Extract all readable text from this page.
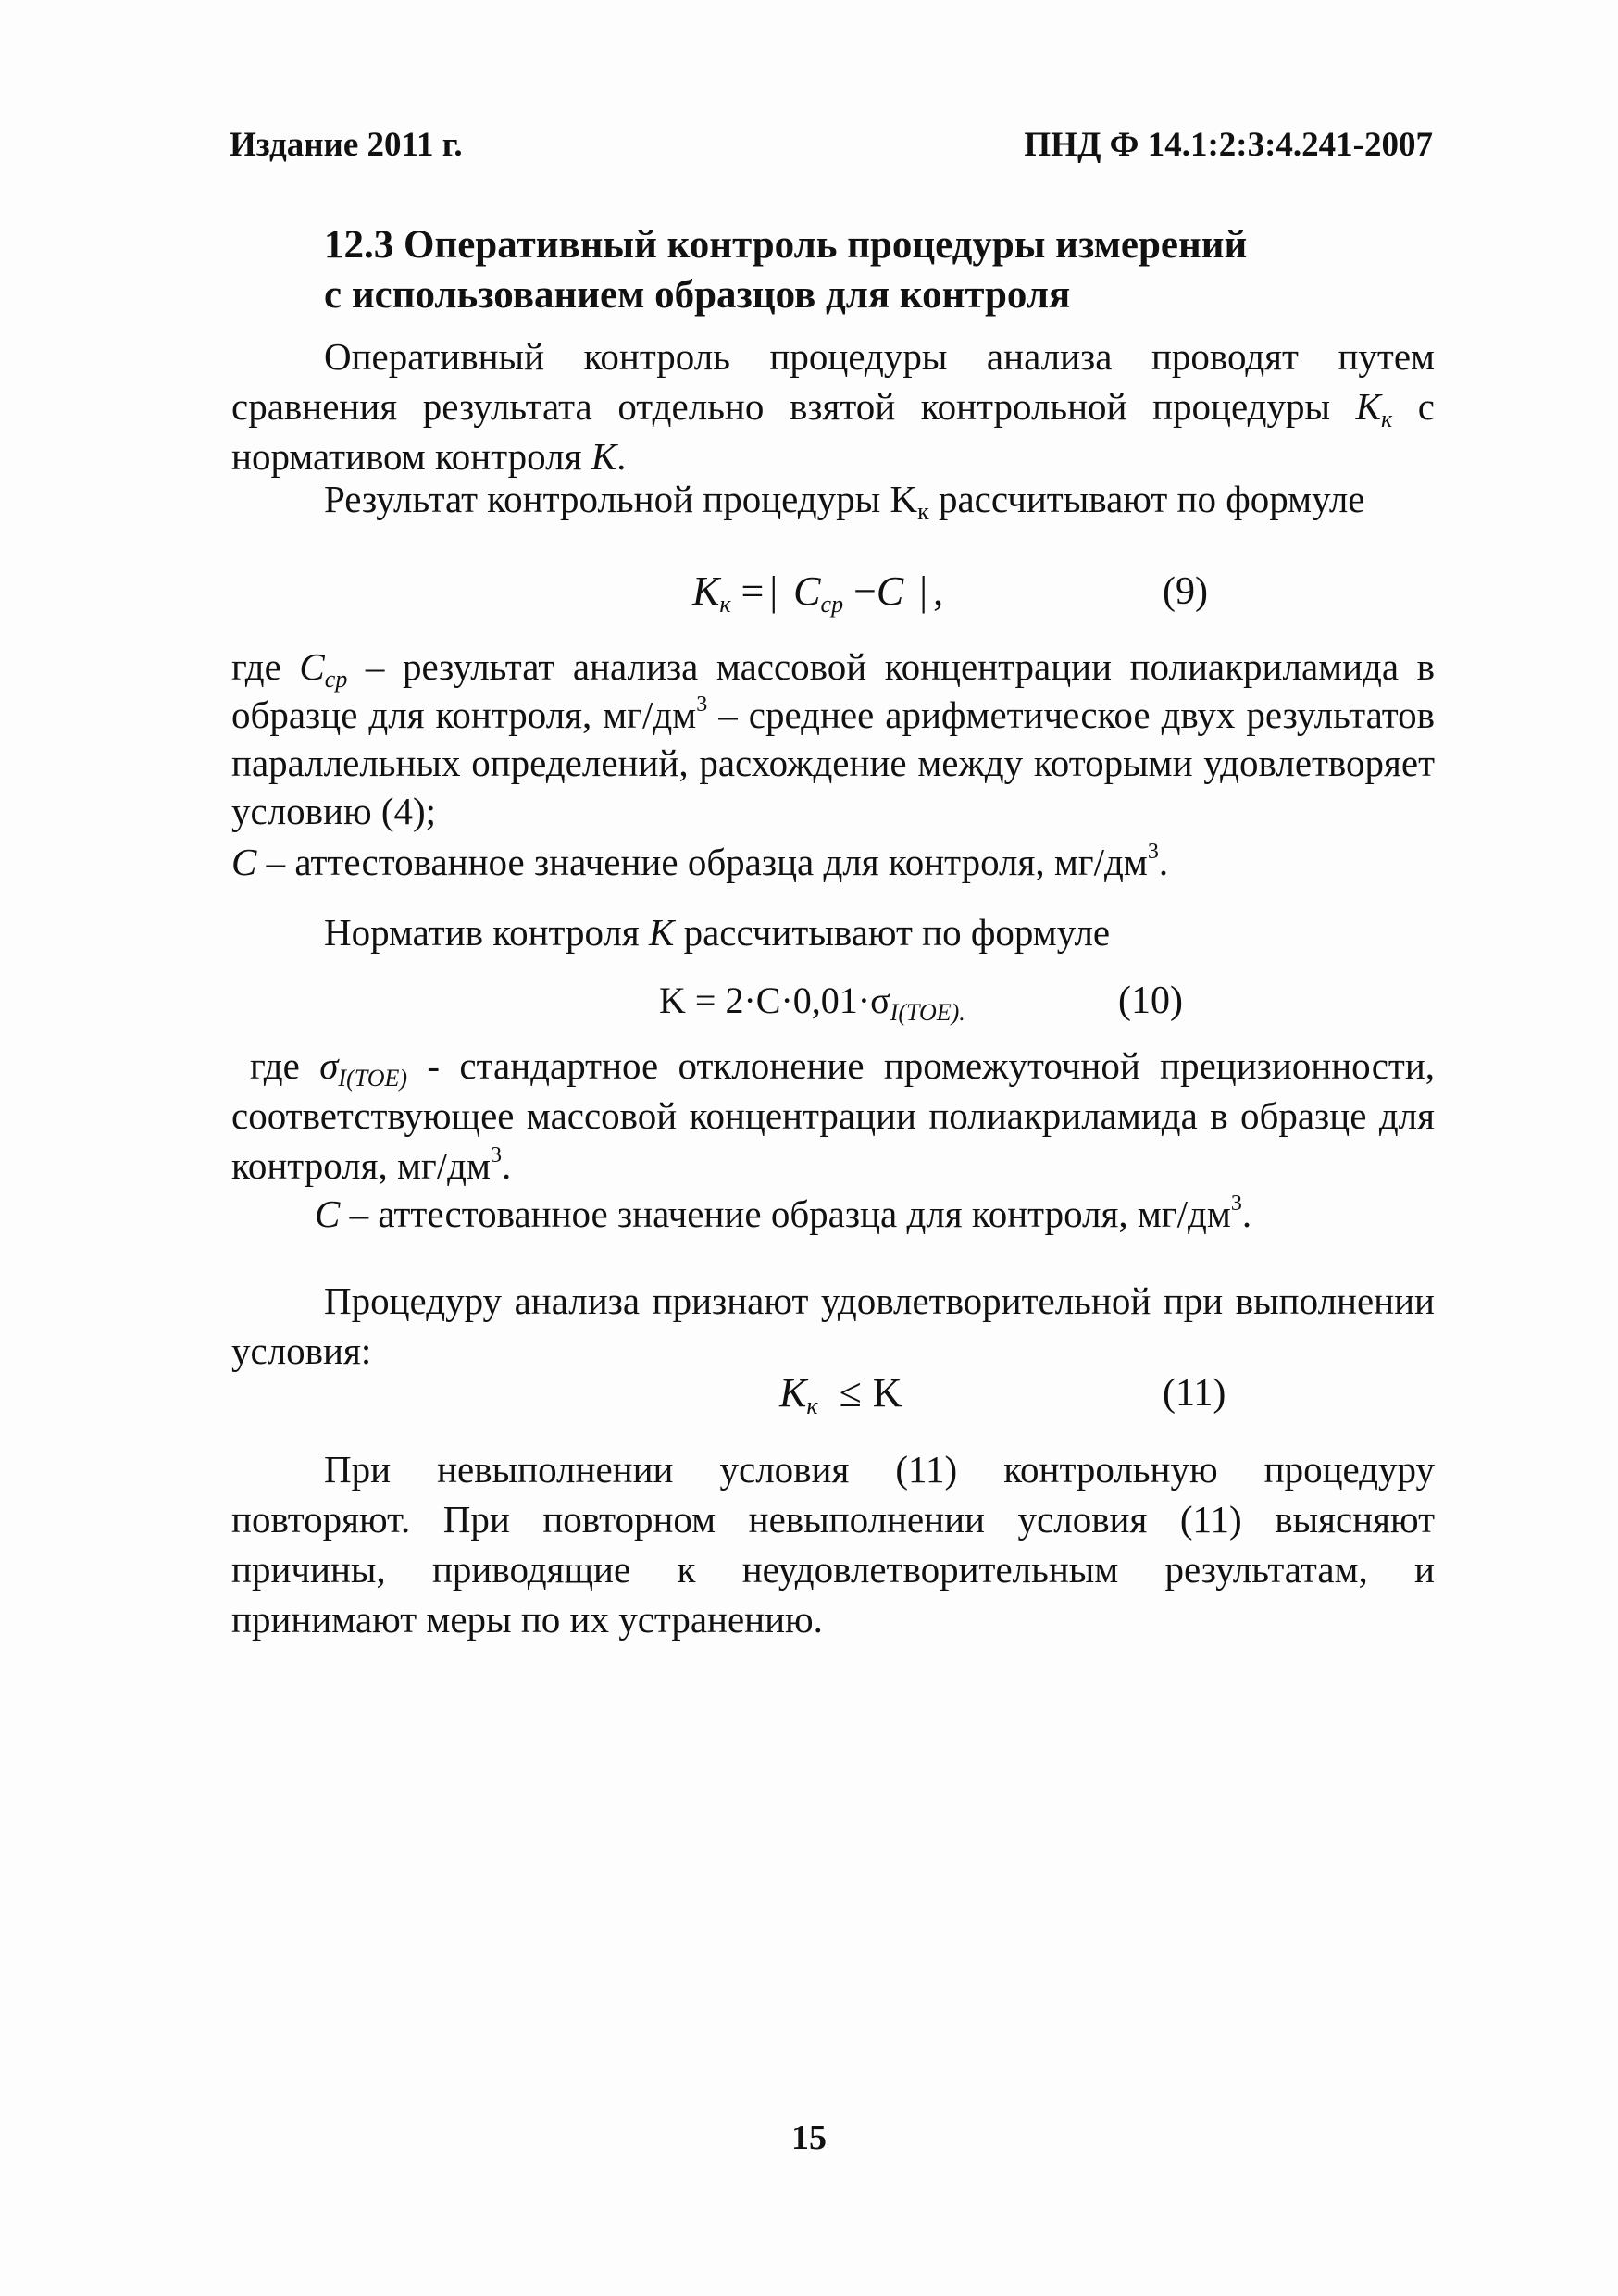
Издание 2011 г.	ПНД Ф 14.1:2:3:4.241-2007
12.3 Оперативный контроль процедуры измерений
с использованием образцов для контроля
Оперативный контроль процедуры анализа проводят путем сравнения результата отдельно взятой контрольной процедуры $K_к$ с нормативом контроля K.
Результат контрольной процедуры $K_к$ рассчитывают по формуле
$K_к$ = | $C_{ср} -C$ | ,	(9)
где $C_{ср}$ – результат анализа массовой концентрации полиакриламида в образце для контроля, $мг/дм^3$ – среднее арифметическое двух результатов параллельных определений, расхождение между которыми удовлетворяет условию (4);
C – аттестованное значение образца для контроля, $мг/дм^3$.
Норматив контроля K рассчитывают по формуле
$K = 2\cdot C\cdot 0,01\cdot\sigma_{I(TOE).}$	(10)
где $\sigma_{I(TOE)}$ - стандартное отклонение промежуточной прецизионности, соответствующее массовой концентрации полиакриламида в образце для контроля, $мг/дм^3$.
C – аттестованное значение образца для контроля, $мг/дм^3$.
Процедуру анализа признают удовлетворительной при выполнении условия:
$K_к \le K$	(11)
При невыполнении условия (11) контрольную процедуру повторяют. При повторном невыполнении условия (11) выясняют причины, приводящие к неудовлетворительным результатам, и принимают меры по их устранению.
15
